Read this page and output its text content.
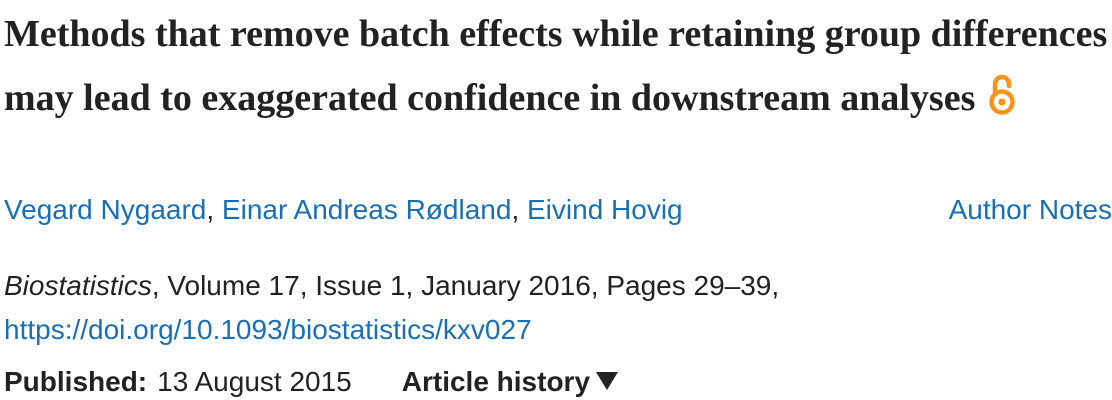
Methods that remove batch effects while retaining group differences may lead to exaggerated confidence in downstream analyses
Vegard Nygaard, Einar Andreas Rødland, Eivind Hovig	Author Notes
Biostatistics, Volume 17, Issue 1, January 2016, Pages 29–39,
https://doi.org/10.1093/biostatistics/kxv027
Published: 13 August 2015 Article history
